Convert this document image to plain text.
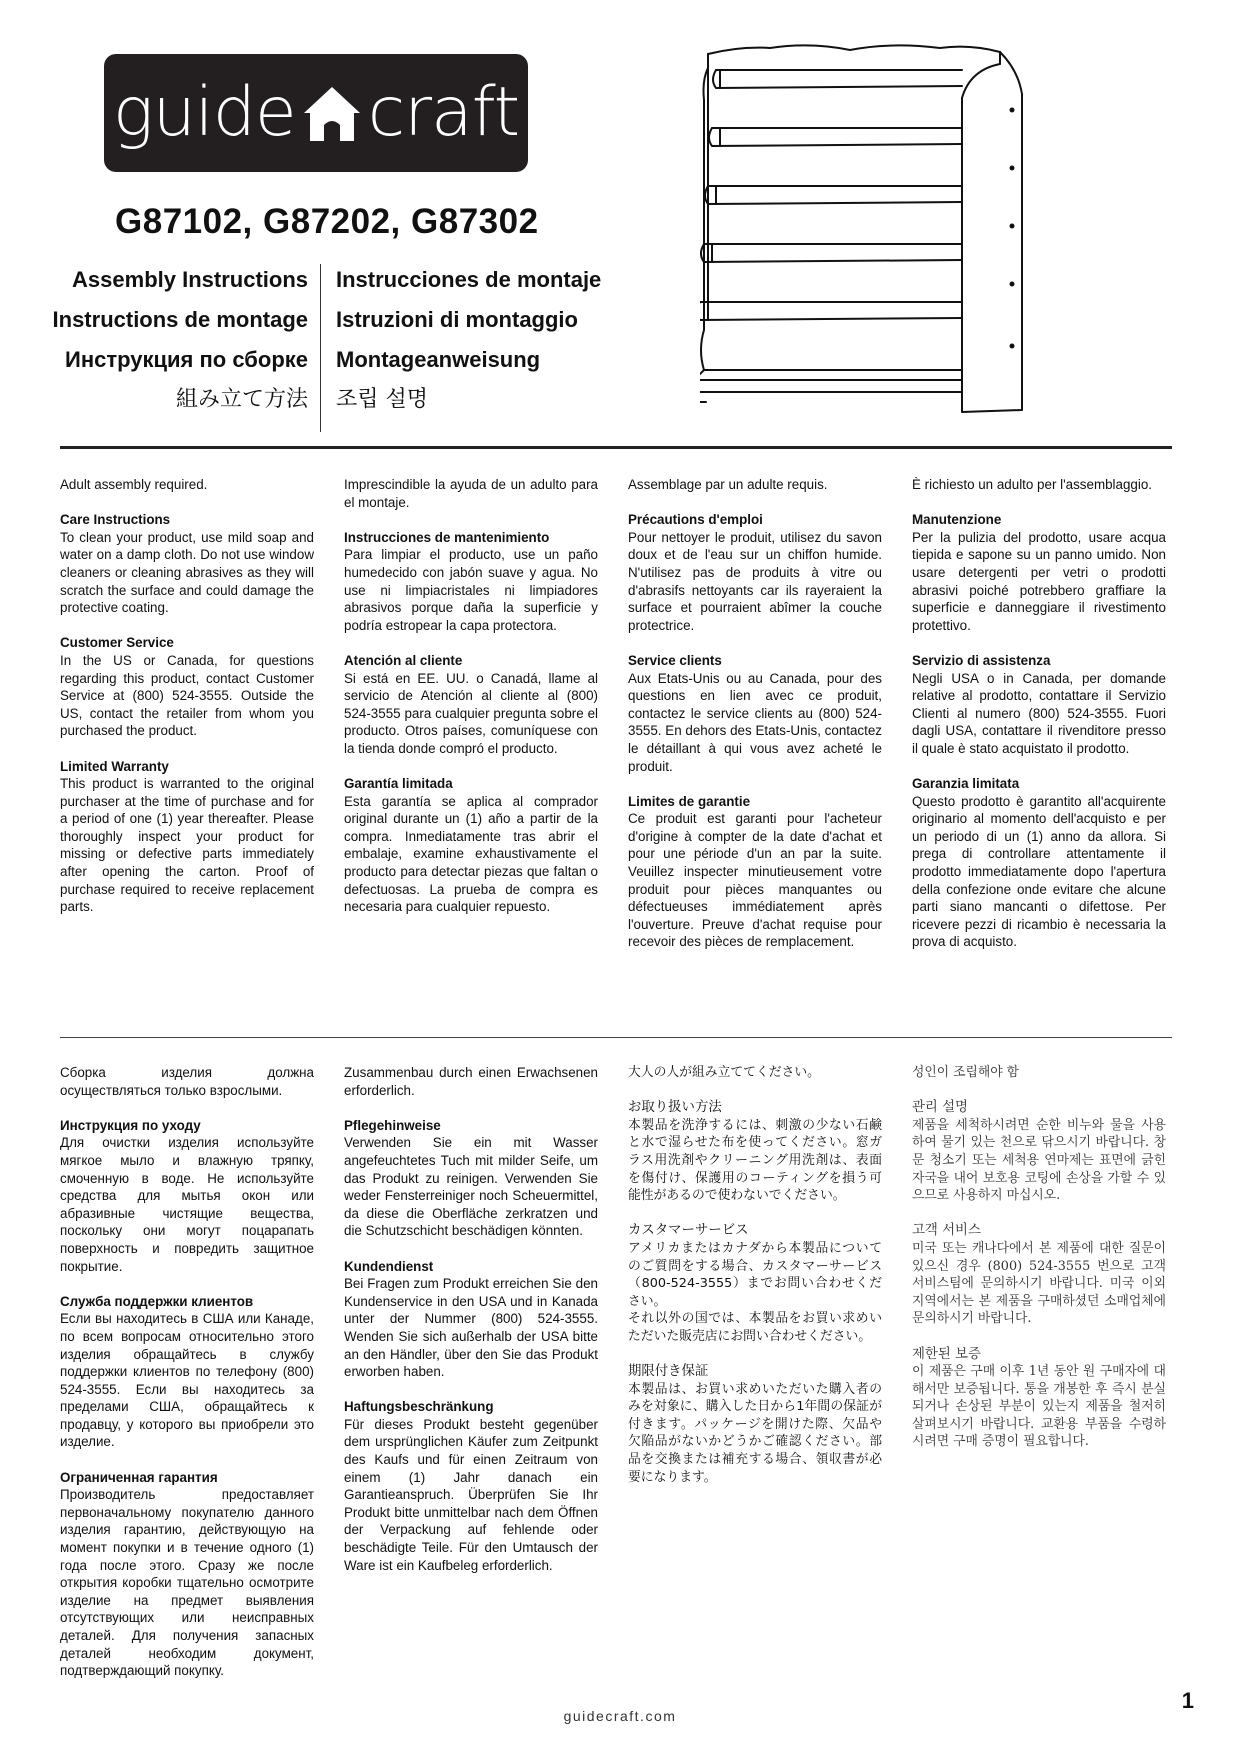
guide craft
G87102, G87202, G87302
Assembly Instructions
Instructions de montage
Инструкция по сборке
組み立て方法
Instrucciones de montaje
Istruzioni di montaggio
Montageanweisung
조립 설명

Adult assembly required.

Care Instructions

To clean your product, use mild soap and water on a damp cloth. Do not use window cleaners or cleaning abrasives as they will scratch the surface and could damage the protective coating.

Customer Service

In the US or Canada, for questions regarding this product, contact Customer Service at (800) 524-3555. Outside the US, contact the retailer from whom you purchased the product.

Limited Warranty

This product is warranted to the original purchaser at the time of purchase and for a period of one (1) year thereafter. Please thoroughly inspect your product for missing or defective parts immediately after opening the carton. Proof of purchase required to receive replacement parts.

Imprescindible la ayuda de un adulto para el montaje.

Instrucciones de mantenimiento

Para limpiar el producto, use un paño humedecido con jabón suave y agua. No use ni limpiacristales ni limpiadores abrasivos porque daña la superficie y podría estropear la capa protectora.

Atención al cliente

Si está en EE. UU. o Canadá, llame al servicio de Atención al cliente al (800) 524-3555 para cualquier pregunta sobre el producto. Otros países, comuníquese con la tienda donde compró el producto.

Garantía limitada

Esta garantía se aplica al comprador original durante un (1) año a partir de la compra. Inmediatamente tras abrir el embalaje, examine exhaustivamente el producto para detectar piezas que faltan o defectuosas. La prueba de compra es necesaria para cualquier repuesto.

Assemblage par un adulte requis.

Précautions d'emploi

Pour nettoyer le produit, utilisez du savon doux et de l'eau sur un chiffon humide. N'utilisez pas de produits à vitre ou d'abrasifs nettoyants car ils rayeraient la surface et pourraient abîmer la couche protectrice.

Service clients

Aux Etats-Unis ou au Canada, pour des questions en lien avec ce produit, contactez le service clients au (800) 524-3555. En dehors des Etats-Unis, contactez le détaillant à qui vous avez acheté le produit.

Limites de garantie

Ce produit est garanti pour l'acheteur d'origine à compter de la date d'achat et pour une période d'un an par la suite. Veuillez inspecter minutieusement votre produit pour pièces manquantes ou défectueuses immédiatement après l'ouverture. Preuve d'achat requise pour recevoir des pièces de remplacement.

È richiesto un adulto per l'assemblaggio.

Manutenzione

Per la pulizia del prodotto, usare acqua tiepida e sapone su un panno umido. Non usare detergenti per vetri o prodotti abrasivi poiché potrebbero graffiare la superficie e danneggiare il rivestimento protettivo.

Servizio di assistenza

Negli USA o in Canada, per domande relative al prodotto, contattare il Servizio Clienti al numero (800) 524-3555. Fuori dagli USA, contattare il rivenditore presso il quale è stato acquistato il prodotto.

Garanzia limitata

Questo prodotto è garantito all'acquirente originario al momento dell'acquisto e per un periodo di un (1) anno da allora. Si prega di controllare attentamente il prodotto immediatamente dopo l'apertura della confezione onde evitare che alcune parti siano mancanti o difettose. Per ricevere pezzi di ricambio è necessaria la prova di acquisto.

Сборка изделия должна осуществляться только взрослыми.

Инструкция по уходу

Для очистки изделия используйте мягкое мыло и влажную тряпку, смоченную в воде. Не используйте средства для мытья окон или абразивные чистящие вещества, поскольку они могут поцарапать поверхность и повредить защитное покрытие.

Служба поддержки клиентов

Если вы находитесь в США или Канаде, по всем вопросам относительно этого изделия обращайтесь в службу поддержки клиентов по телефону (800) 524-3555. Если вы находитесь за пределами США, обращайтесь к продавцу, у которого вы приобрели это изделие.

Ограниченная гарантия

Производитель предоставляет первоначальному покупателю данного изделия гарантию, действующую на момент покупки и в течение одного (1) года после этого. Сразу же после открытия коробки тщательно осмотрите изделие на предмет выявления отсутствующих или неисправных деталей. Для получения запасных деталей необходим документ, подтверждающий покупку.

Zusammenbau durch einen Erwachsenen erforderlich.

Pflegehinweise

Verwenden Sie ein mit Wasser angefeuchtetes Tuch mit milder Seife, um das Produkt zu reinigen. Verwenden Sie weder Fensterreiniger noch Scheuermittel, da diese die Oberfläche zerkratzen und die Schutzschicht beschädigen könnten.

Kundendienst

Bei Fragen zum Produkt erreichen Sie den Kundenservice in den USA und in Kanada unter der Nummer (800) 524-3555. Wenden Sie sich außerhalb der USA bitte an den Händler, über den Sie das Produkt erworben haben.

Haftungsbeschränkung

Für dieses Produkt besteht gegenüber dem ursprünglichen Käufer zum Zeitpunkt des Kaufs und für einen Zeitraum von einem (1) Jahr danach ein Garantieanspruch. Überprüfen Sie Ihr Produkt bitte unmittelbar nach dem Öffnen der Verpackung auf fehlende oder beschädigte Teile. Für den Umtausch der Ware ist ein Kaufbeleg erforderlich.

大人の人が組み立ててください。

お取り扱い方法

本製品を洗浄するには、刺激の少ない石鹸と水で湿らせた布を使ってください。窓ガラス用洗剤やクリーニング用洗剤は、表面を傷付け、保護用のコーティングを損う可能性があるので使わないでください。

カスタマーサービス
アメリカまたはカナダから本製品について のご質問をする場合、カスタマーサービス（800-524-3555）までお問い合わせください。

それ以外の国では、本製品をお買い求めいただいた販売店にお問い合わせください。

期限付き保証

本製品は、お買い求めいただいた購入者のみを対象に、購入した日から1年間の保証が付きます。パッケージを開けた際、欠品や欠陥品がないかどうかご確認ください。部品を交換または補充する場合、領収書が必要になります。

성인이 조립해야 함

관리 설명

제품을 세척하시려면 순한 비누와 물을 사용하여 물기 있는 천으로 닦으시기 바랍니다. 창문 청소기 또는 세척용 연마제는 표면에 긁힌 자국을 내어 보호용 코팅에 손상을 가할 수 있으므로 사용하지 마십시오.

고객 서비스

미국 또는 캐나다에서 본 제품에 대한 질문이 있으신 경우 (800) 524-3555 번으로 고객 서비스팀에 문의하시기 바랍니다. 미국 이외 지역에서는 본 제품을 구매하셨던 소매업체에 문의하시기 바랍니다.

제한된 보증

이 제품은 구매 이후 1년 동안 원 구매자에 대해서만 보증됩니다. 통을 개봉한 후 즉시 분실되거나 손상된 부분이 있는지 제품을 철저히 살펴보시기 바랍니다. 교환용 부품을 수령하시려면 구매 증명이 필요합니다.

guidecraft.com
1
